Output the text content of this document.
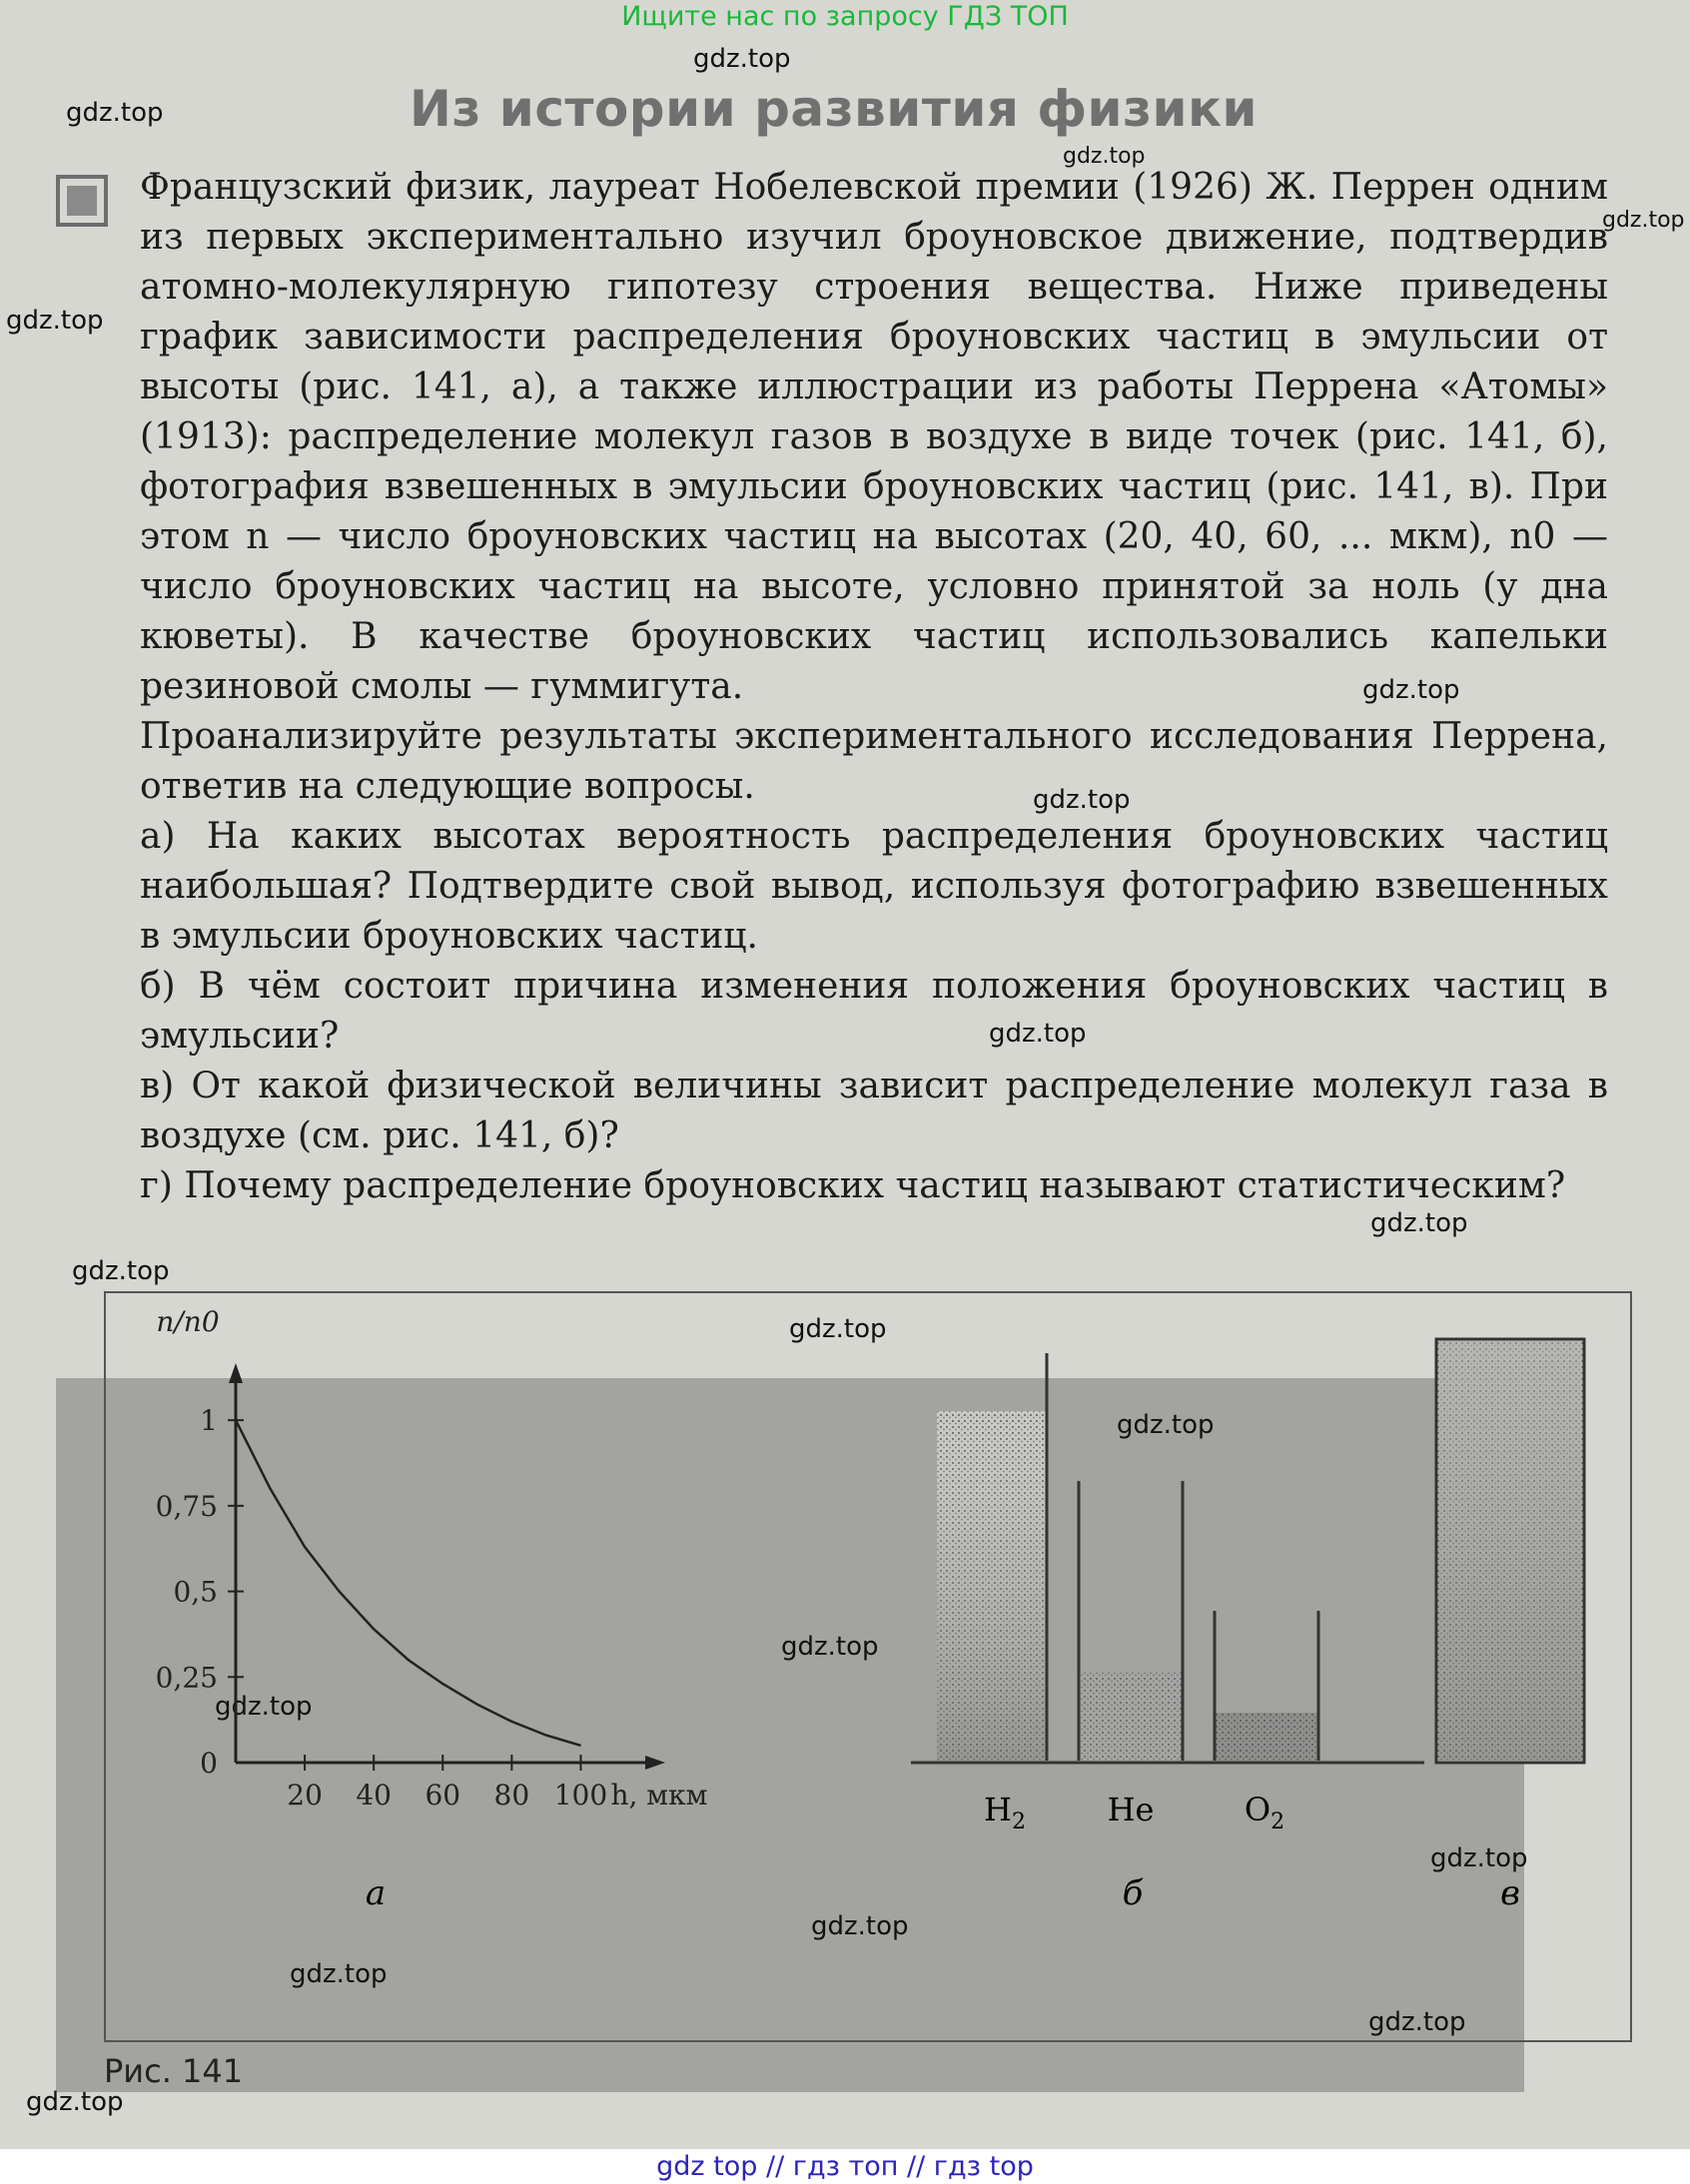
Ищите нас по запросу ГДЗ ТОП
Из истории развития физики

Французский физик, лауреат Нобелевской премии (1926) Ж. Перрен одним из первых экспериментально изучил броуновское движение, подтвердив атомно-молекулярную гипотезу строения вещества. Ниже приведены график зависимости распределения броуновских частиц в эмульсии от высоты (рис. 141, а), а также иллюстрации из работы Перрена «Атомы» (1913): распределение молекул газов в воздухе в виде точек (рис. 141, б), фотография взвешенных в эмульсии броуновских частиц (рис. 141, в). При этом n — число броуновских частиц на высотах (20, 40, 60, ... мкм), n0 — число броуновских частиц на высоте, условно принятой за ноль (у дна кюветы). В качестве броуновских частиц использовались капельки резиновой смолы — гуммигута.

Проанализируйте результаты экспериментального исследования Перрена, ответив на следующие вопросы.

а) На каких высотах вероятность распределения броуновских частиц наибольшая? Подтвердите свой вывод, используя фотографию взвешенных в эмульсии броуновских частиц.

б) В чём состоит причина изменения положения броуновских частиц в эмульсии?

в) От какой физической величины зависит распределение молекул газа в воздухе (см. рис. 141, б)?

г) Почему распределение броуновских частиц называют статистическим?

0
0,25
0,5
0,75
1
20 40 60 80 100 h, мкм
n/n0
$H_2$	He	$O_2$
а	б	в
Рис. 141
gdz.top
gdz.top
gdz.top
gdz.top
gdz.top
gdz.top
gdz.top
gdz.top
gdz.top
gdz.top
gdz.top
gdz.top
gdz.top
gdz.top
gdz.top
gdz.top
gdz.top
gdz.top
gdz.top
gdz top // гдз топ // гдз top
